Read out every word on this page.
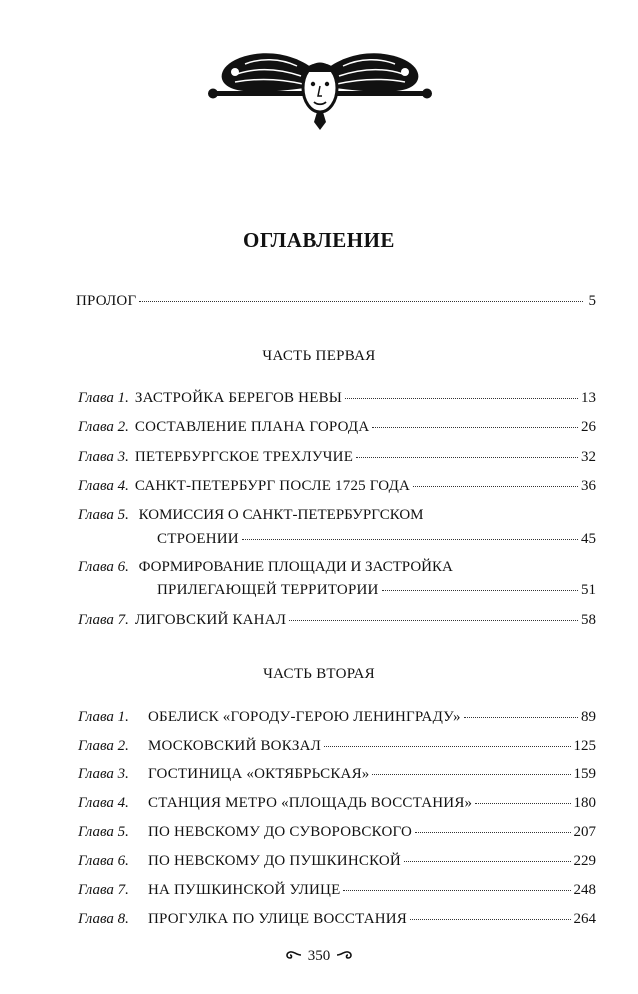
ОГЛАВЛЕНИЕ
ПРОЛОГ	5
ЧАСТЬ ПЕРВАЯ
Глава 1. ЗАСТРОЙКА БЕРЕГОВ НЕВЫ	13
Глава 2. СОСТАВЛЕНИЕ ПЛАНА ГОРОДА	26
Глава 3. ПЕТЕРБУРГСКОЕ ТРЕХЛУЧИЕ	32
Глава 4. САНКТ-ПЕТЕРБУРГ ПОСЛЕ 1725 ГОДА	36
Глава 5. КОМИССИЯ О САНКТ-ПЕТЕРБУРГСКОМ
СТРОЕНИИ	45
Глава 6. ФОРМИРОВАНИЕ ПЛОЩАДИ И ЗАСТРОЙКА
ПРИЛЕГАЮЩЕЙ ТЕРРИТОРИИ	51
Глава 7. ЛИГОВСКИЙ КАНАЛ	58
ЧАСТЬ ВТОРАЯ
Глава 1.	ОБЕЛИСК «ГОРОДУ-ГЕРОЮ ЛЕНИНГРАДУ»	89
Глава 2.	МОСКОВСКИЙ ВОКЗАЛ	125
Глава 3.	ГОСТИНИЦА «ОКТЯБРЬСКАЯ»	159
Глава 4.	СТАНЦИЯ МЕТРО «ПЛОЩАДЬ ВОССТАНИЯ»	180
Глава 5.	ПО НЕВСКОМУ ДО СУВОРОВСКОГО	207
Глава 6.	ПО НЕВСКОМУ ДО ПУШКИНСКОЙ	229
Глава 7.	НА ПУШКИНСКОЙ УЛИЦЕ	248
Глава 8.	ПРОГУЛКА ПО УЛИЦЕ ВОССТАНИЯ	264
350
